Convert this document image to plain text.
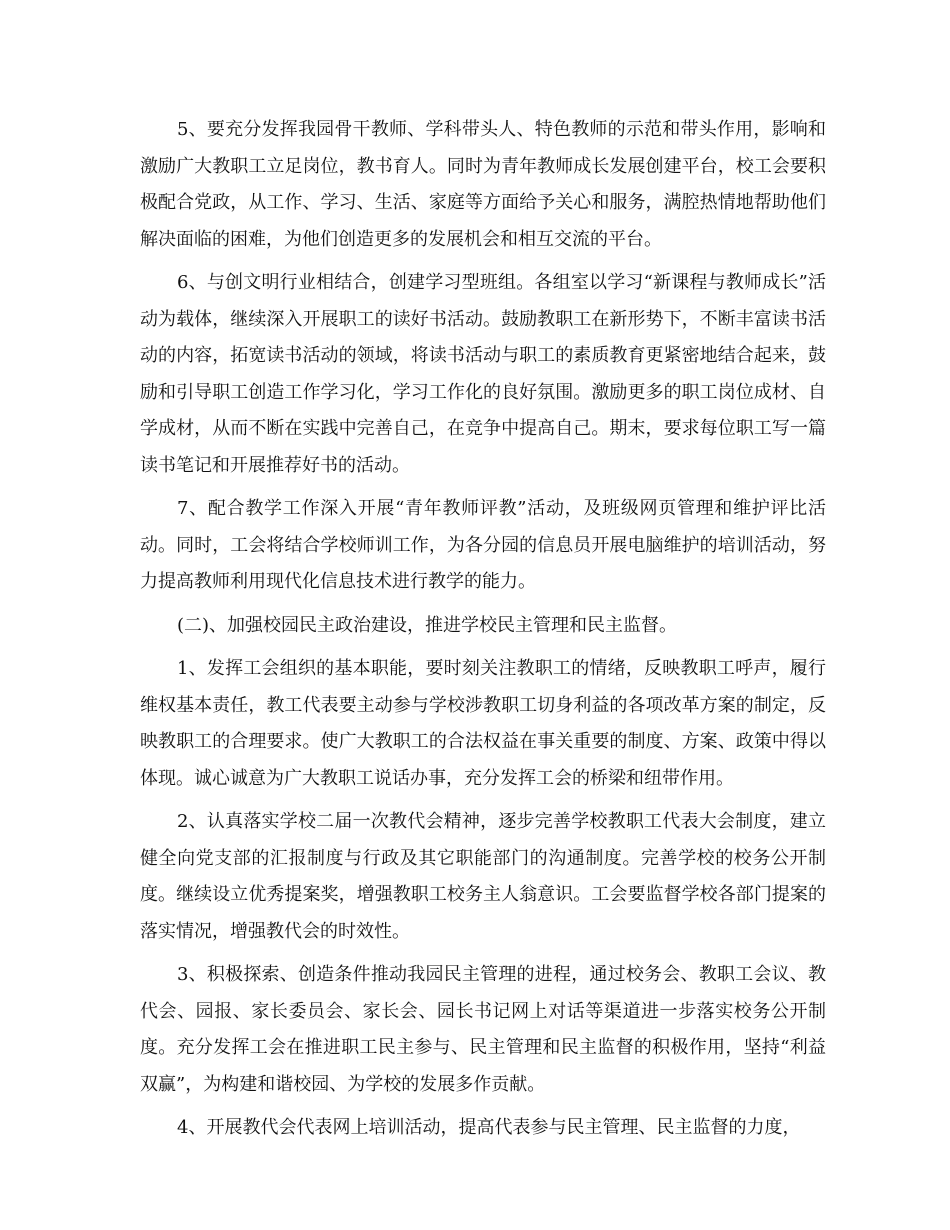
5、要充分发挥我园骨干教师、学科带头人、特色教师的示范和带头作用，影响和激励广大教职工立足岗位，教书育人。同时为青年教师成长发展创建平台，校工会要积极配合党政，从工作、学习、生活、家庭等方面给予关心和服务，满腔热情地帮助他们解决面临的困难，为他们创造更多的发展机会和相互交流的平台。

6、与创文明行业相结合，创建学习型班组。各组室以学习“新课程与教师成长”活动为载体，继续深入开展职工的读好书活动。鼓励教职工在新形势下，不断丰富读书活动的内容，拓宽读书活动的领域，将读书活动与职工的素质教育更紧密地结合起来，鼓励和引导职工创造工作学习化，学习工作化的良好氛围。激励更多的职工岗位成材、自学成材，从而不断在实践中完善自己，在竞争中提高自己。期末，要求每位职工写一篇读书笔记和开展推荐好书的活动。

7、配合教学工作深入开展“青年教师评教”活动，及班级网页管理和维护评比活动。同时，工会将结合学校师训工作，为各分园的信息员开展电脑维护的培训活动，努力提高教师利用现代化信息技术进行教学的能力。

(二)、加强校园民主政治建设，推进学校民主管理和民主监督。

1、发挥工会组织的基本职能，要时刻关注教职工的情绪，反映教职工呼声，履行维权基本责任，教工代表要主动参与学校涉教职工切身利益的各项改革方案的制定，反映教职工的合理要求。使广大教职工的合法权益在事关重要的制度、方案、政策中得以体现。诚心诚意为广大教职工说话办事，充分发挥工会的桥梁和纽带作用。

2、认真落实学校二届一次教代会精神，逐步完善学校教职工代表大会制度，建立健全向党支部的汇报制度与行政及其它职能部门的沟通制度。完善学校的校务公开制度。继续设立优秀提案奖，增强教职工校务主人翁意识。工会要监督学校各部门提案的落实情况，增强教代会的时效性。

3、积极探索、创造条件推动我园民主管理的进程，通过校务会、教职工会议、教代会、园报、家长委员会、家长会、园长书记网上对话等渠道进一步落实校务公开制度。充分发挥工会在推进职工民主参与、民主管理和民主监督的积极作用，坚持“利益双赢”，为构建和谐校园、为学校的发展多作贡献。

4、开展教代会代表网上培训活动，提高代表参与民主管理、民主监督的力度，
